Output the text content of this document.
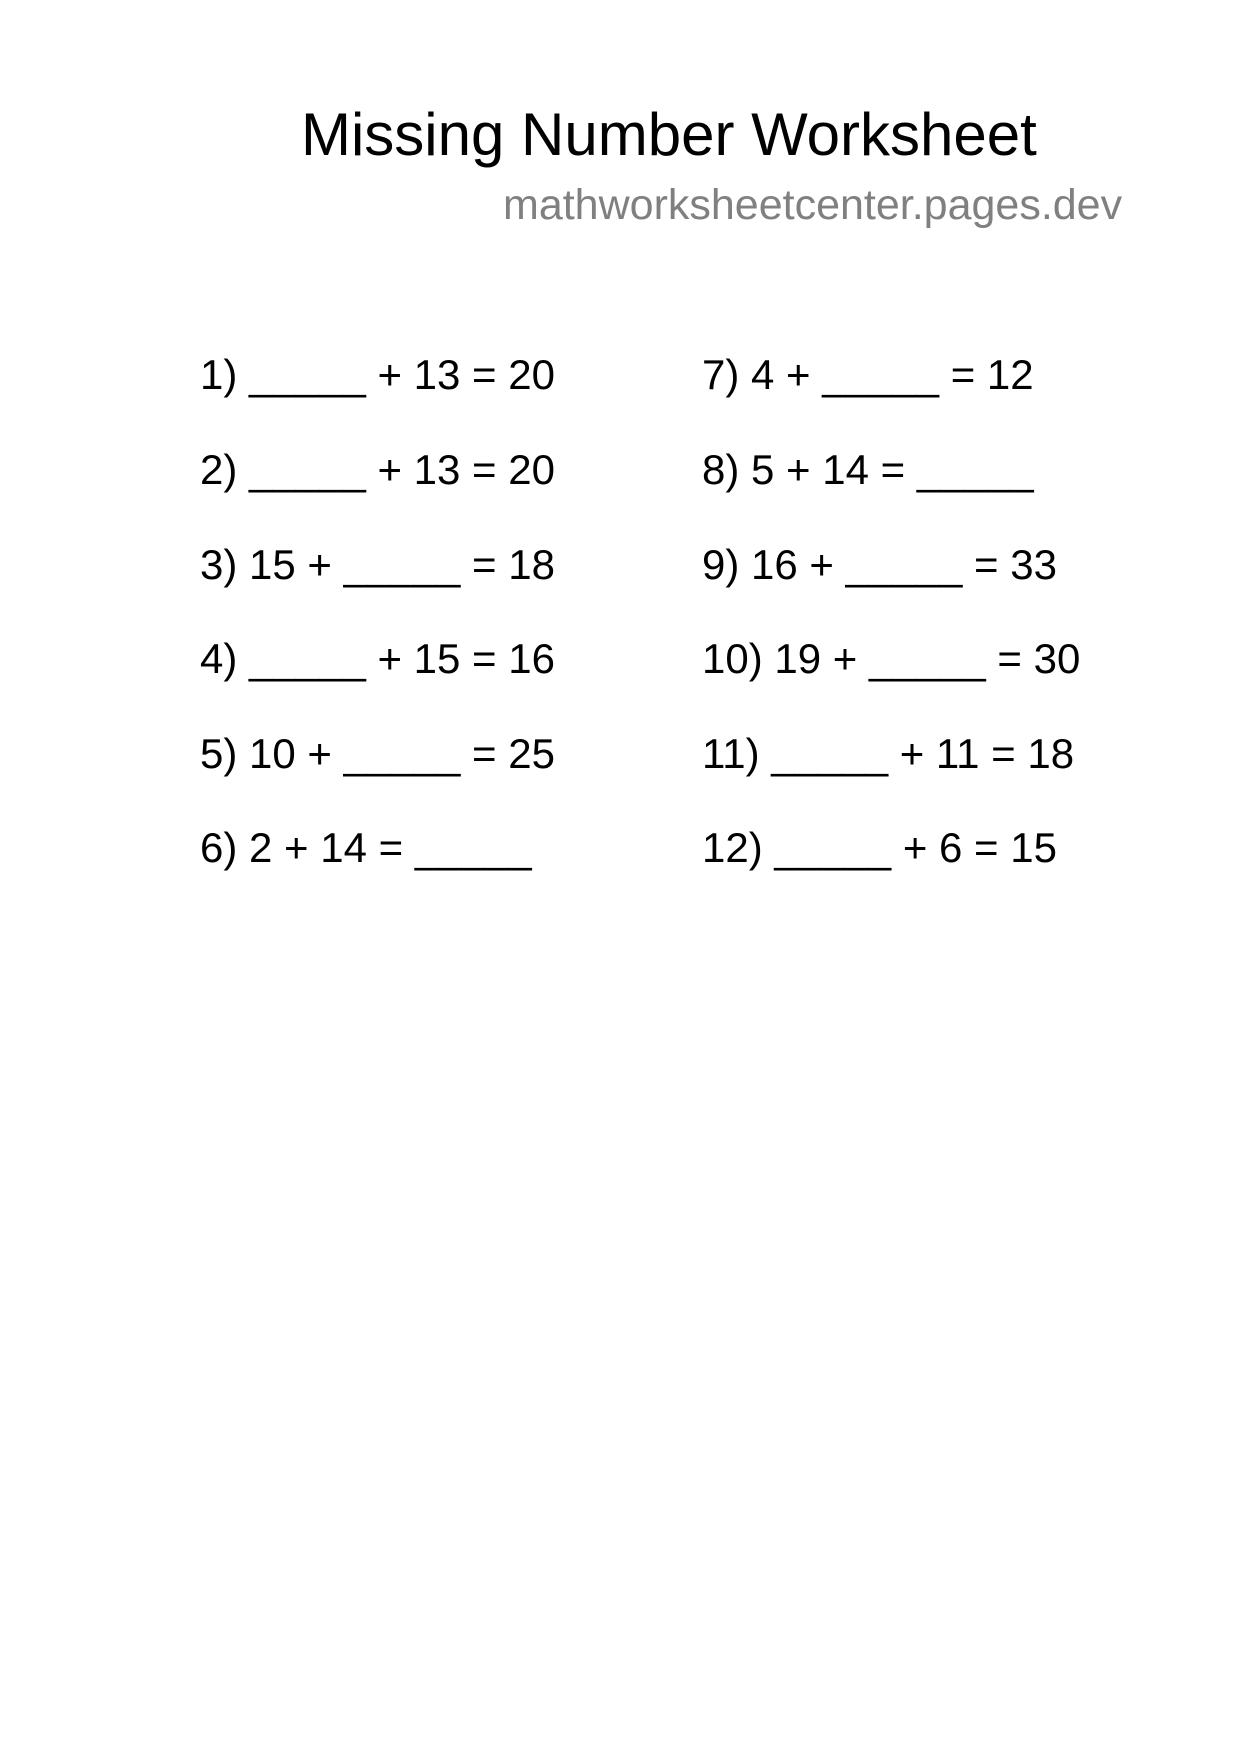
Missing Number Worksheet
mathworksheetcenter.pages.dev
1) _____ + 13 = 20
2) _____ + 13 = 20
3) 15 + _____ = 18
4) _____ + 15 = 16
5) 10 + _____ = 25
6) 2 + 14 = _____
7) 4 + _____ = 12
8) 5 + 14 = _____
9) 16 + _____ = 33
10) 19 + _____ = 30
11) _____ + 11 = 18
12) _____ + 6 = 15
